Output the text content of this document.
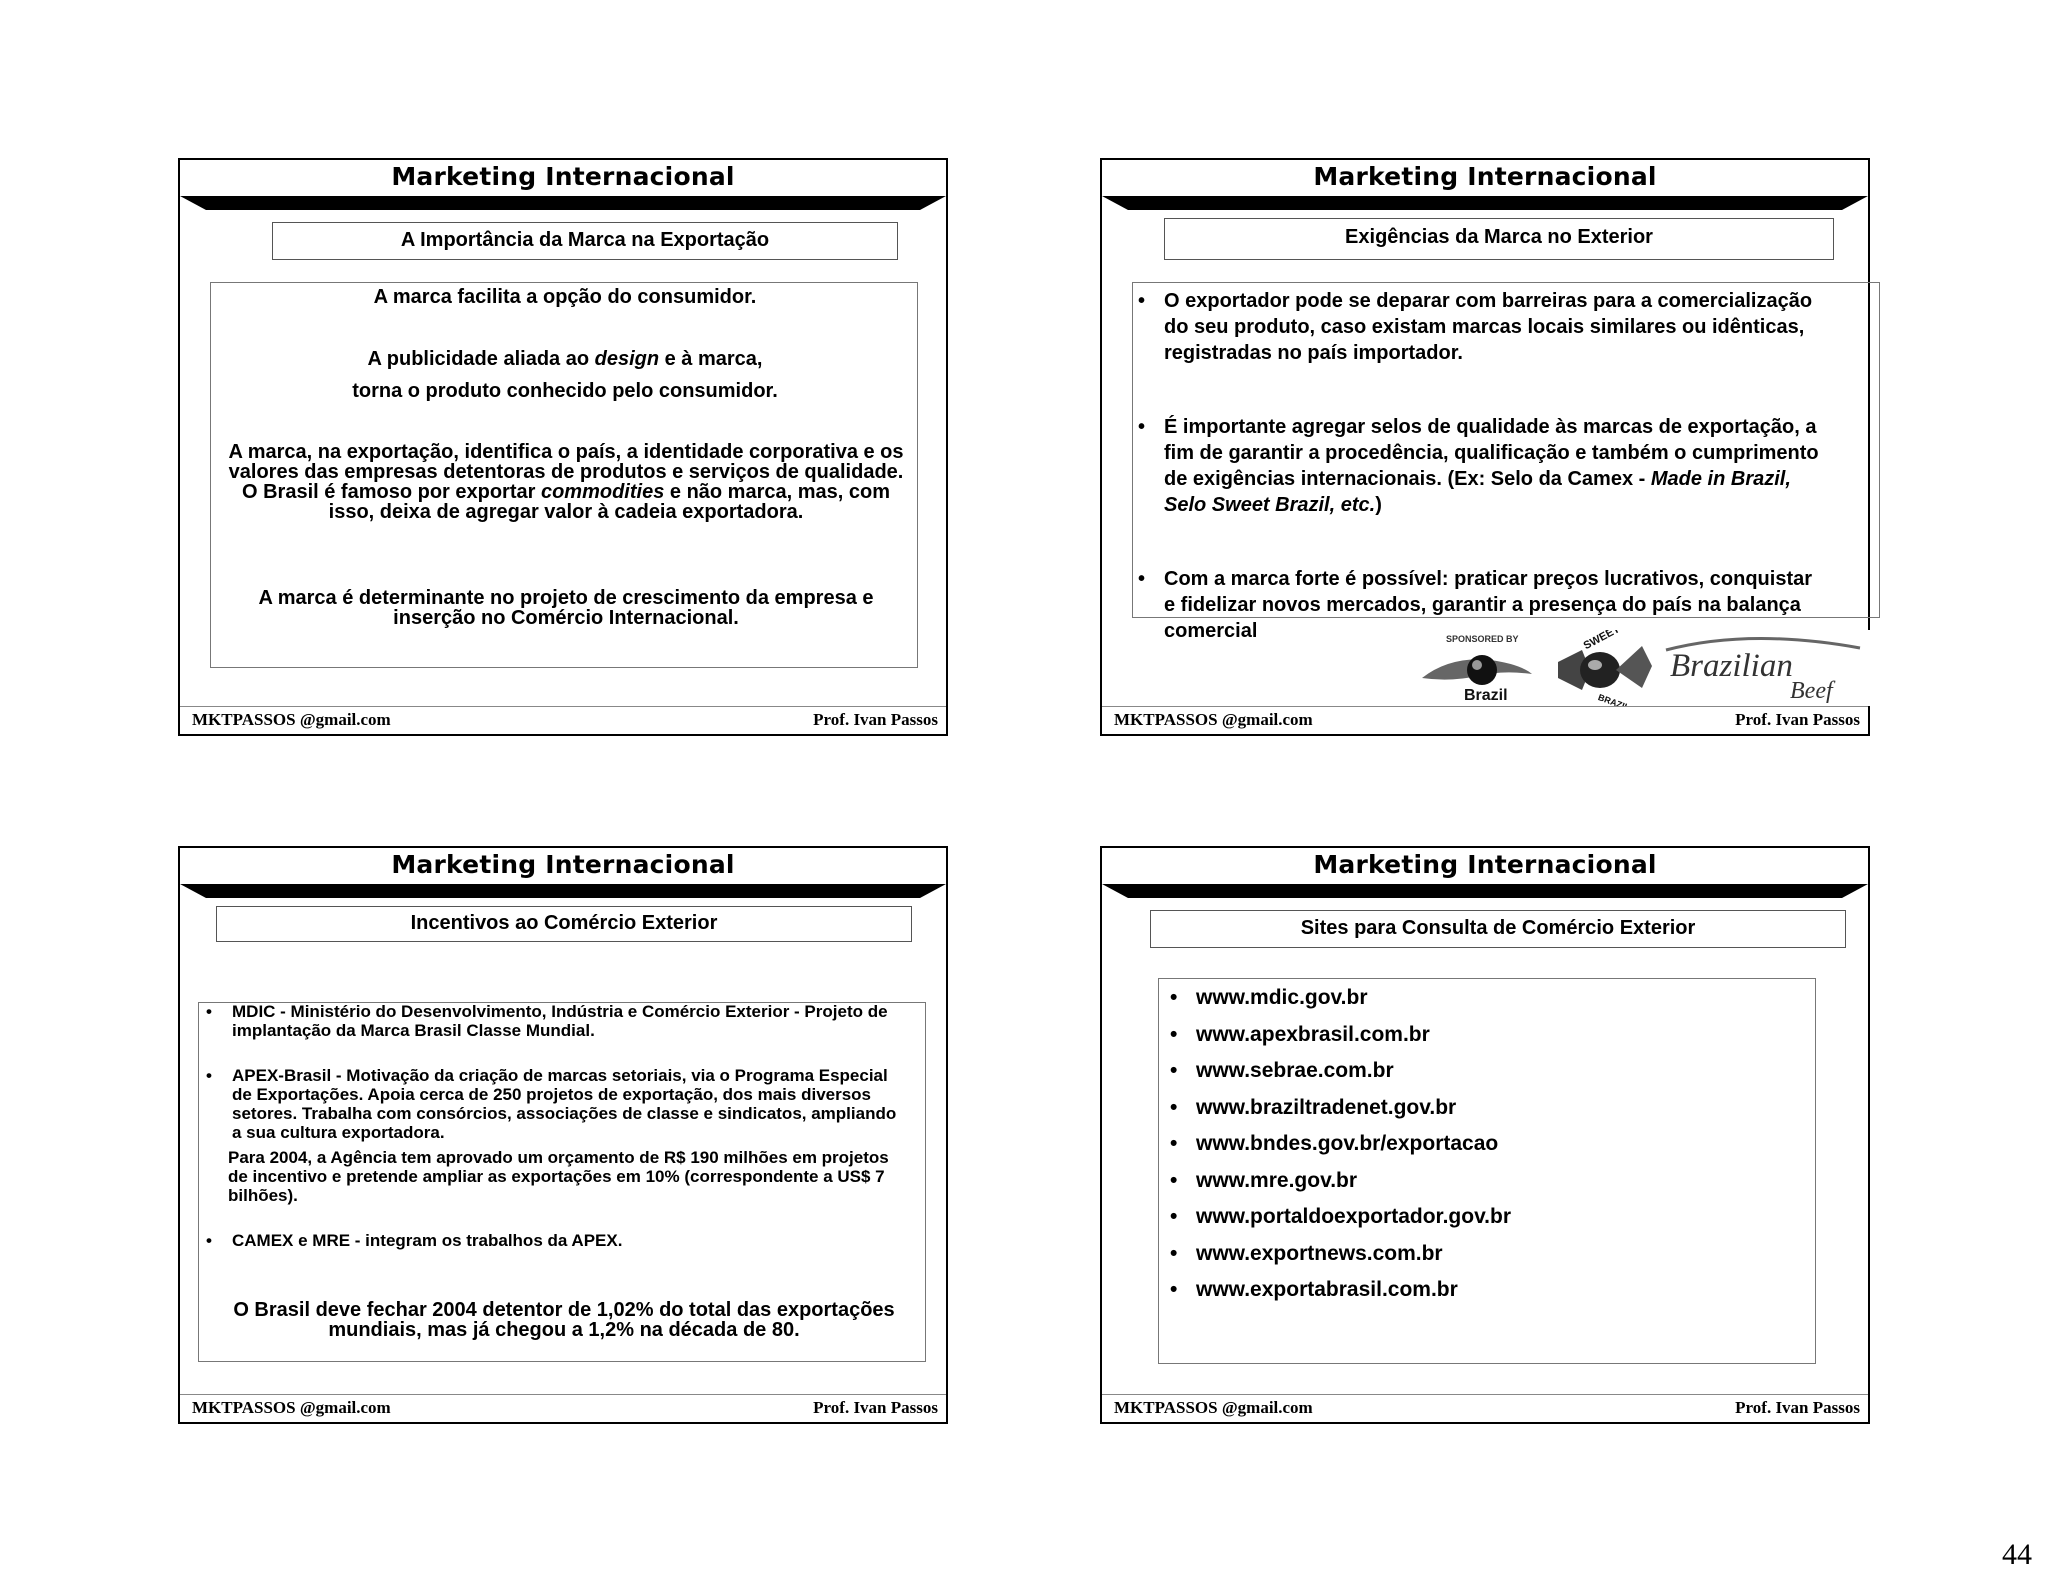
Marketing Internacional
A Importância da Marca na Exportação
A marca facilita a opção do consumidor.
A publicidade aliada ao design e à marca,
torna o produto conhecido pelo consumidor.
A marca, na exportação, identifica o país, a identidade corporativa e os valores das empresas detentoras de produtos e serviços de qualidade. O Brasil é famoso por exportar commodities e não marca, mas, com isso, deixa de agregar valor à cadeia exportadora.
A marca é determinante no projeto de crescimento da empresa e inserção no Comércio Internacional.
MKTPASSOS @gmail.com	Prof. Ivan Passos
Marketing Internacional
Exigências da Marca no Exterior
• O exportador pode se deparar com barreiras para a comercialização do seu produto, caso existam marcas locais similares ou idênticas, registradas no país importador.
• É importante agregar selos de qualidade às marcas de exportação, a fim de garantir a procedência, qualificação e também o cumprimento de exigências internacionais. (Ex: Selo da Camex - Made in Brazil, Selo Sweet Brazil, etc.)
• Com a marca forte é possível: praticar preços lucrativos, conquistar e fidelizar novos mercados, garantir a presença do país na balança comercial	SPONSORED BY
Brazil
SWEET
BRAZIL
Brazilian
Beef
MKTPASSOS @gmail.com	Prof. Ivan Passos
Marketing Internacional
Incentivos ao Comércio Exterior
• MDIC - Ministério do Desenvolvimento, Indústria e Comércio Exterior - Projeto de implantação da Marca Brasil Classe Mundial.
• APEX-Brasil - Motivação da criação de marcas setoriais, via o Programa Especial de Exportações. Apoia cerca de 250 projetos de exportação, dos mais diversos setores. Trabalha com consórcios, associações de classe e sindicatos, ampliando a sua cultura exportadora.
Para 2004, a Agência tem aprovado um orçamento de R$ 190 milhões em projetos de incentivo e pretende ampliar as exportações em 10% (correspondente a US$ 7 bilhões).
• CAMEX e MRE - integram os trabalhos da APEX.
O Brasil deve fechar 2004 detentor de 1,02% do total das exportações mundiais, mas já chegou a 1,2% na década de 80.
MKTPASSOS @gmail.com	Prof. Ivan Passos
Marketing Internacional
Sites para Consulta de Comércio Exterior
• www.mdic.gov.br
• www.apexbrasil.com.br
• www.sebrae.com.br
• www.braziltradenet.gov.br
• www.bndes.gov.br/exportacao
• www.mre.gov.br
• www.portaldoexportador.gov.br
• www.exportnews.com.br
• www.exportabrasil.com.br
MKTPASSOS @gmail.com	Prof. Ivan Passos
44
